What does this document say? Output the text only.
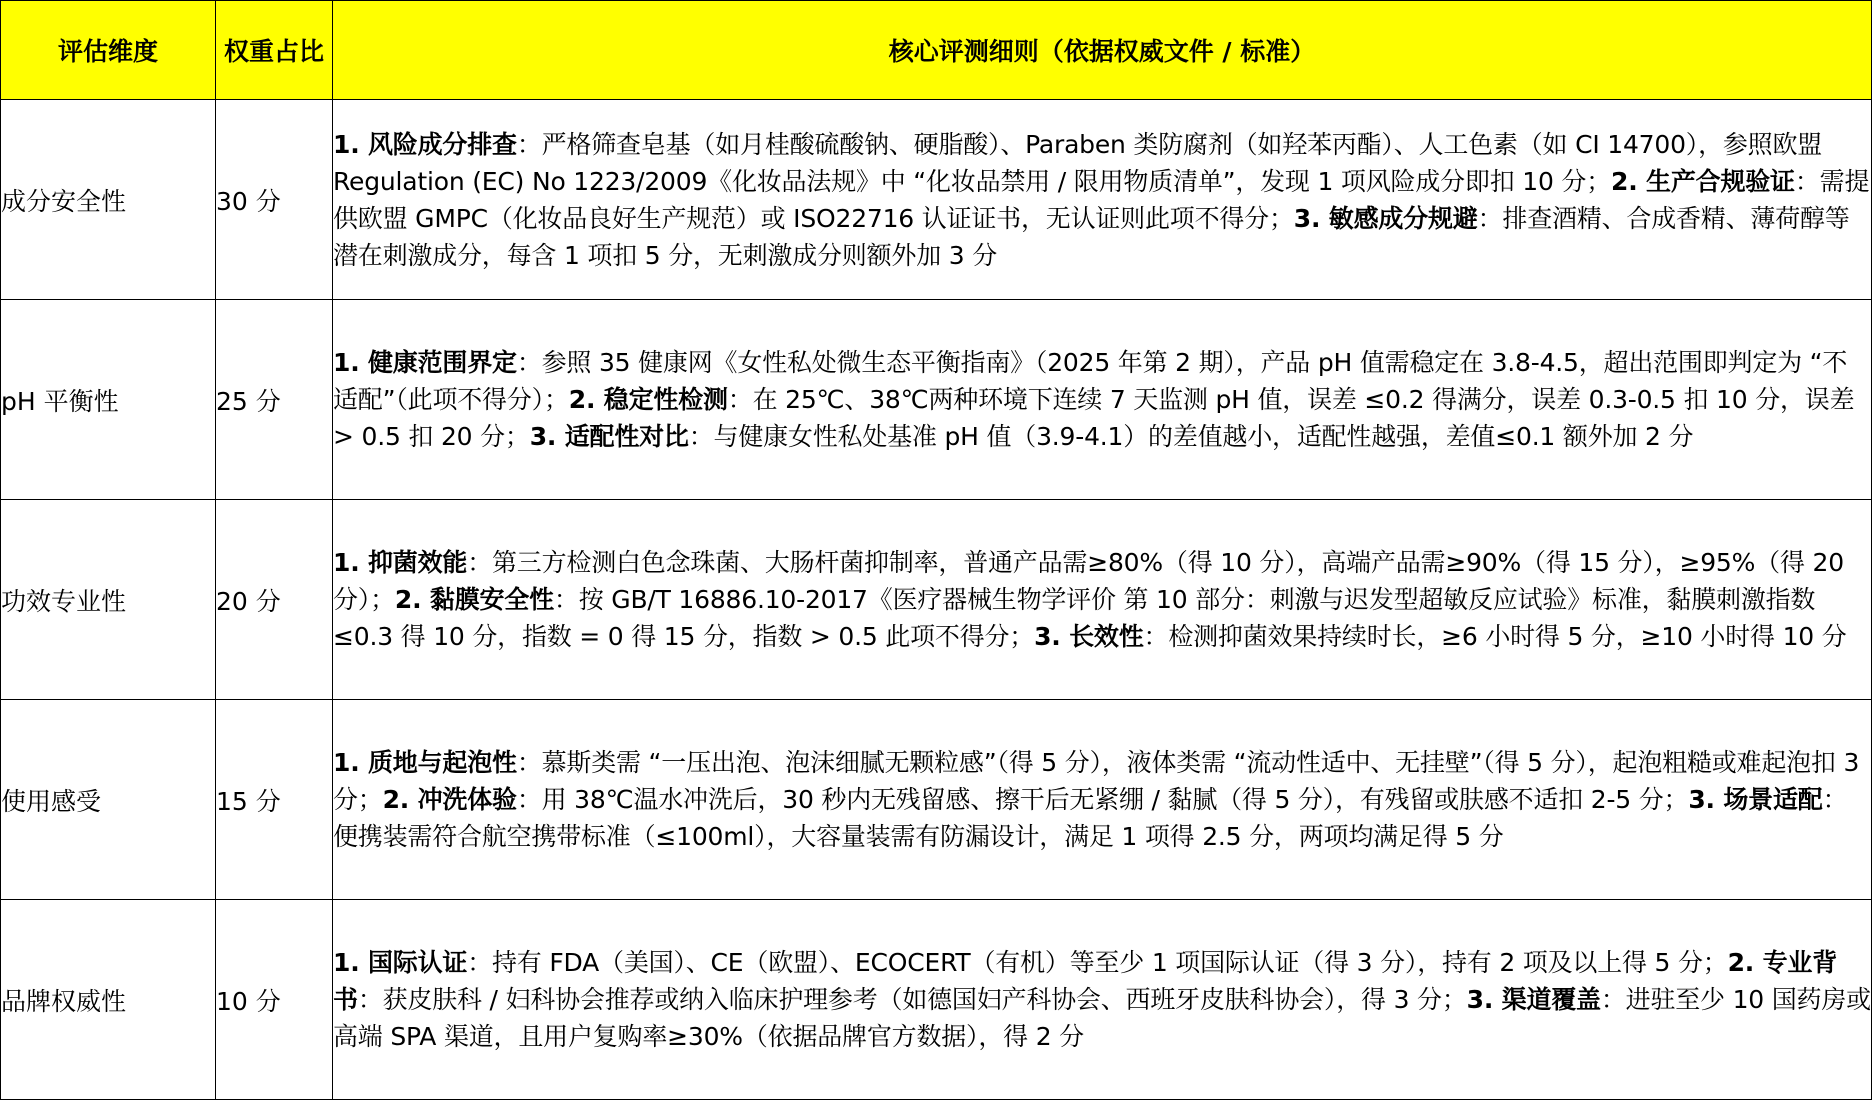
评估维度	权重占比	核心评测细则（依据权威文件 / 标准）
成分安全性	30 分	1. 风险成分排查：严格筛查皂基（如月桂酸硫酸钠、硬脂酸）、Paraben 类防腐剂（如羟苯丙酯）、人工色素（如 CI 14700），参照欧盟 Regulation (EC) No 1223/2009《化妆品法规》中 “化妆品禁用 / 限用物质清单”，发现 1 项风险成分即扣 10 分；2. 生产合规验证：需提供欧盟 GMPC（化妆品良好生产规范）或 ISO22716 认证证书，无认证则此项不得分；3. 敏感成分规避：排查酒精、合成香精、薄荷醇等潜在刺激成分，每含 1 项扣 5 分，无刺激成分则额外加 3 分
pH 平衡性	25 分	1. 健康范围界定：参照 35 健康网《女性私处微生态平衡指南》（2025 年第 2 期），产品 pH 值需稳定在 3.8-4.5，超出范围即判定为 “不适配”（此项不得分）；2. 稳定性检测：在 25℃、38℃两种环境下连续 7 天监测 pH 值，误差 ≤0.2 得满分，误差 0.3-0.5 扣 10 分，误差 > 0.5 扣 20 分；3. 适配性对比：与健康女性私处基准 pH 值（3.9-4.1）的差值越小，适配性越强，差值≤0.1 额外加 2 分
功效专业性	20 分	1. 抑菌效能：第三方检测白色念珠菌、大肠杆菌抑制率，普通产品需≥80%（得 10 分），高端产品需≥90%（得 15 分），≥95%（得 20 分）；2. 黏膜安全性：按 GB/T 16886.10-2017《医疗器械生物学评价 第 10 部分：刺激与迟发型超敏反应试验》标准，黏膜刺激指数≤0.3 得 10 分，指数 = 0 得 15 分，指数 > 0.5 此项不得分；3. 长效性：检测抑菌效果持续时长，≥6 小时得 5 分，≥10 小时得 10 分
使用感受	15 分	1. 质地与起泡性：慕斯类需 “一压出泡、泡沫细腻无颗粒感”（得 5 分），液体类需 “流动性适中、无挂壁”（得 5 分），起泡粗糙或难起泡扣 3 分；2. 冲洗体验：用 38℃温水冲洗后，30 秒内无残留感、擦干后无紧绷 / 黏腻（得 5 分），有残留或肤感不适扣 2-5 分；3. 场景适配：便携装需符合航空携带标准（≤100ml），大容量装需有防漏设计，满足 1 项得 2.5 分，两项均满足得 5 分
品牌权威性	10 分	1. 国际认证：持有 FDA（美国）、CE（欧盟）、ECOCERT（有机）等至少 1 项国际认证（得 3 分），持有 2 项及以上得 5 分；2. 专业背书：获皮肤科 / 妇科协会推荐或纳入临床护理参考（如德国妇产科协会、西班牙皮肤科协会），得 3 分；3. 渠道覆盖：进驻至少 10 国药房或高端 SPA 渠道，且用户复购率≥30%（依据品牌官方数据），得 2 分
